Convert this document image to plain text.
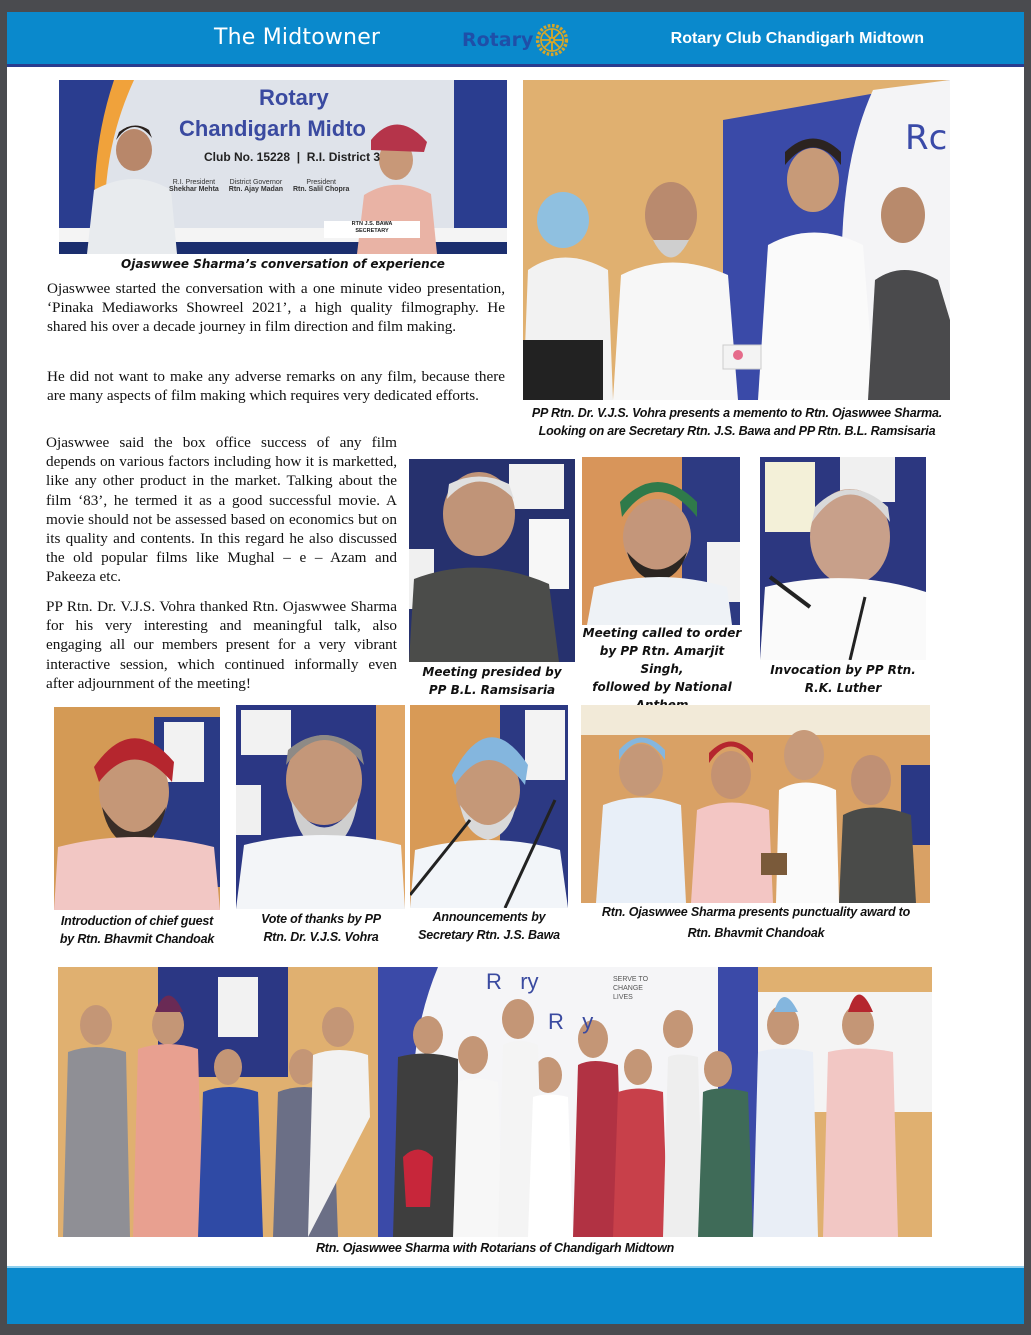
The Midtowner	Rotary	Rotary Club Chandigarh Midtown
Rotary
Chandigarh Midto
Club No. 15228  |  R.I. District 3
R.I. President
Shekhar Mehta
District Governor
Rtn. Ajay Madan
President
Rtn. Salil Chopra
RTN J.S. BAWA
SECRETARY
Ojaswwee Sharma’s conversation of experience
Rc
PP Rtn. Dr. V.J.S. Vohra presents a memento to Rtn. Ojaswwee Sharma.
Looking on are Secretary Rtn. J.S. Bawa and PP Rtn. B.L. Ramsisaria

Ojaswwee started the conversation with a one minute video presentation, ‘Pinaka Mediaworks Showreel 2021’, a high quality filmography. He shared his over a decade journey in film direction and film making.

He did not want to make any adverse remarks on any film, because there are many aspects of film making which requires very dedicated efforts.

Ojaswwee said the box office success of any film depends on various factors including how it is marketted, like any other product in the market. Talking about the film ‘83’, he termed it as a good successful movie. A movie should not be assessed based on economics but on its quality and contents. In this regard he also discussed the old popular films like Mughal – e – Azam and Pakeeza etc.

PP Rtn. Dr. V.J.S. Vohra thanked Rtn. Ojaswwee Sharma for his very interesting and meaningful talk, also engaging all our members present for a very vibrant interactive session, which continued informally even after adjournment of the meeting!

Meeting presided by
PP B.L. Ramsisaria
Meeting called to order
by PP Rtn. Amarjit Singh,
followed by National
Invocation by PP Rtn.
R.K. Luther
Introduction of chief guest
by Rtn. Bhavmit Chandoak
Vote of thanks by PP
Rtn. Dr. V.J.S. Vohra
Announcements by
Secretary Rtn. J.S. Bawa
Rtn. Ojaswwee Sharma presents punctuality award to
Rtn. Bhavmit Chandoak
R   ry	SERVE TO CHANGE LIVES
R   y
Rtn. Ojaswwee Sharma with Rotarians of Chandigarh Midtown
